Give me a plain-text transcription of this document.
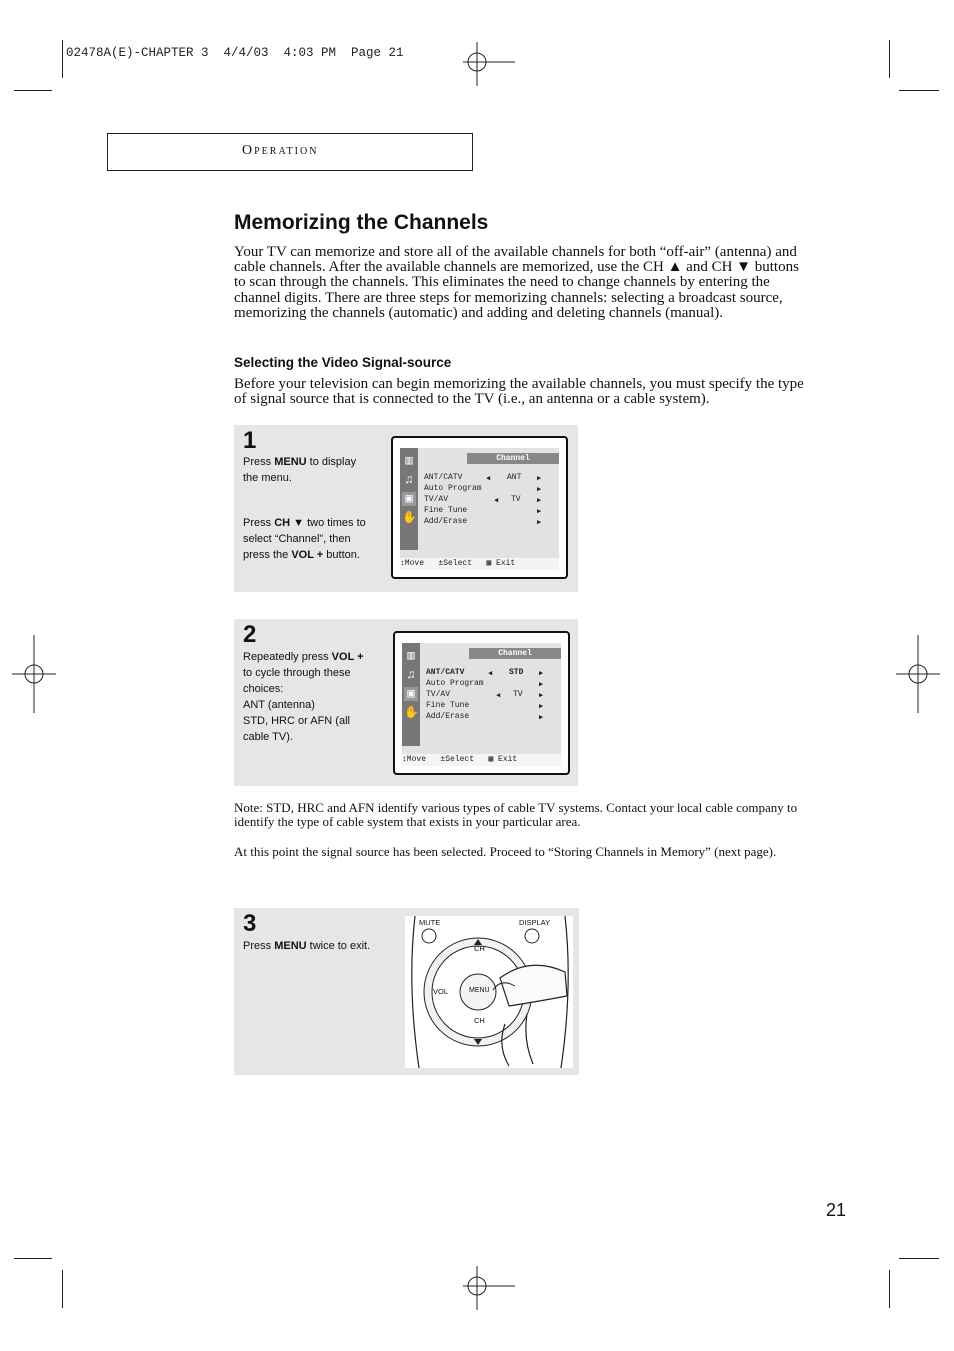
02478A(E)-CHAPTER 3  4/4/03  4:03 PM  Page 21
Operation
Memorizing the Channels
Your TV can memorize and store all of the available channels for both “off-air” (antenna) and cable channels. After the available channels are memorized, use the CH ▲ and CH ▼ buttons to scan through the channels. This eliminates the need to change channels by entering the channel digits. There are three steps for memorizing channels: selecting a broadcast source, memorizing the channels (automatic) and adding and deleting channels (manual).
Selecting the Video Signal-source
Before your television can begin memorizing the available channels, you must specify the type of signal source that is connected to the TV (i.e., an antenna or a cable system).
1
Press MENU to display the menu.
Press CH ▼ two times to select “Channel”, then press the VOL + button.
▥
♫
▣
✋
Channel
ANT/CATV
Auto Program
TV/AV
Fine Tune
Add/Erase
◀ ANT ▶
▶
◀ TV ▶
▶
▶
↕Move   ±Select   ▦ Exit
2
Repeatedly press VOL + to cycle through these choices:
ANT (antenna)
STD, HRC or AFN (all cable TV).
▥
♫
▣
✋
Channel
ANT/CATV
Auto Program
TV/AV
Fine Tune
Add/Erase
◀ STD ▶
▶
◀ TV ▶
▶
▶
↕Move   ±Select   ▦ Exit
Note: STD, HRC and AFN identify various types of cable TV systems. Contact your local cable company to identify the type of cable system that exists in your particular area.
At this point the signal source has been selected. Proceed to “Storing Channels in Memory” (next page).
3
Press MENU twice to exit.
MUTE	DISPLAY
CH
VOL	MENU
CH
21
